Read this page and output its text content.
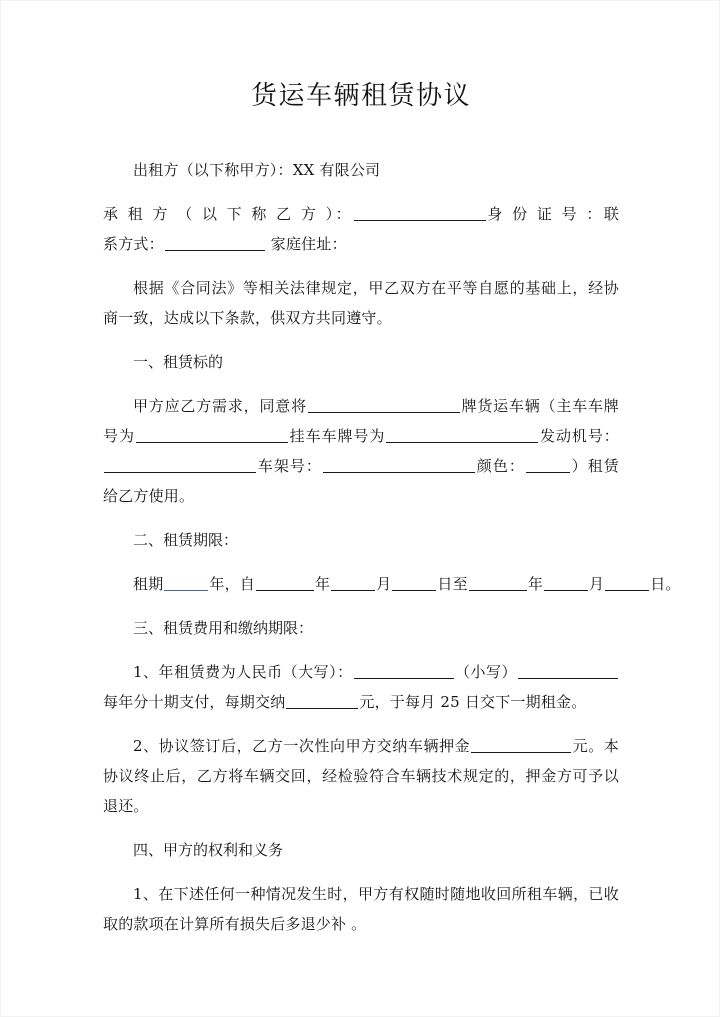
货运车辆租赁协议

出租方（以下称甲方）：XX 有限公司

承 租 方 （ 以 下 称 乙 方 ）：	身 份 证 号 ：联系方式：	家庭住址：

根据《合同法》等相关法律规定，甲乙双方在平等自愿的基础上，经协商一致，达成以下条款，供双方共同遵守。

一、租赁标的

甲方应乙方需求，同意将	牌货运车辆（主车车牌号为	挂车车牌号为	发动机号：车架号：	颜色：	）租赁给乙方使用。

二、租赁期限：

租期	年，自	年	月	日至	年	月	日。

三、租赁费用和缴纳期限：

1、年租赁费为人民币（大写）：	（小写）每年分十期支付，每期交纳	元，于每月 25 日交下一期租金。

2、协议签订后，乙方一次性向甲方交纳车辆押金	元。本协议终止后，乙方将车辆交回，经检验符合车辆技术规定的，押金方可予以退还。

四、甲方的权利和义务

1、在下述任何一种情况发生时，甲方有权随时随地收回所租车辆，已收取的款项在计算所有损失后多退少补 。
